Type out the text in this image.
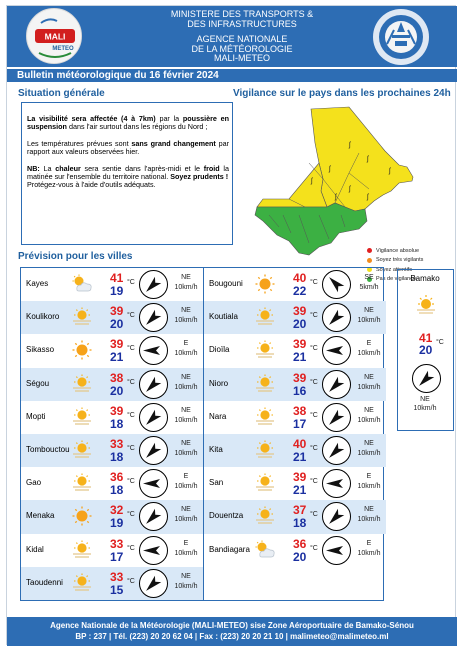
MALI
METEO
MINISTERE DES TRANSPORTS &
DES INFRASTRUCTURES
AGENCE NATIONALE
DE LA MÉTÉOROLOGIE
MALI-METEO
Bulletin météorologique du 16 février 2024
Situation générale

La visibilité sera affectée (4 à 7km) par la poussière en suspension dans l'air surtout dans les régions du Nord ;

Les températures prévues sont sans grand changement par rapport aux valeurs observées hier.

NB: La chaleur sera sentie dans l'après-midi et le froid la matinée sur l'ensemble du territoire national. Soyez prudents !
Protégez-vous à l'aide d'outils adéquats.

Vigilance sur le pays dans les prochaines 24h
ʃ
ʃ
ʃ
ʃ
ʃ
ʃ
ʃ
ʃ
Vigilance absolue
Soyez très vigilants
Soyez attentifs
Pas de vigilance
Prévision pour les villes
Kayes	41
19
°C
NE
10km/h
Koulikoro	39
20
°C
NE
10km/h
Sikasso	39
21
°C
E
10km/h
Ségou	38
20
°C
NE
10km/h
Mopti	39
18
°C
NE
10km/h
Tombouctou	33
18
°C
NE
10km/h
Gao	36
18
°C
E
10km/h
Menaka	32
19
°C
NE
10km/h
Kidal	33
17
°C
E
10km/h
Taoudenni	33
15
°C
NE
10km/h
Bougouni	40
22
°C
SE
5km/h
Koutiala	39
20
°C
NE
10km/h
Dioïla	39
21
°C
E
10km/h
Nioro	39
16
°C
NE
10km/h
Nara	38
17
°C
NE
10km/h
Kita	40
21
°C
NE
10km/h
San	39
21
°C
E
10km/h
Douentza	37
18
°C
NE
10km/h
Bandiagara	36
20
°C
E
10km/h
Bamako
41
20
°C
NE
10km/h
Agence Nationale de la Météorologie (MALI-METEO) sise Zone Aéroportuaire de Bamako-Sénou
BP : 237 | Tél. (223) 20 20 62 04 | Fax : (223) 20 20 21 10 | malimeteo@malimeteo.ml
